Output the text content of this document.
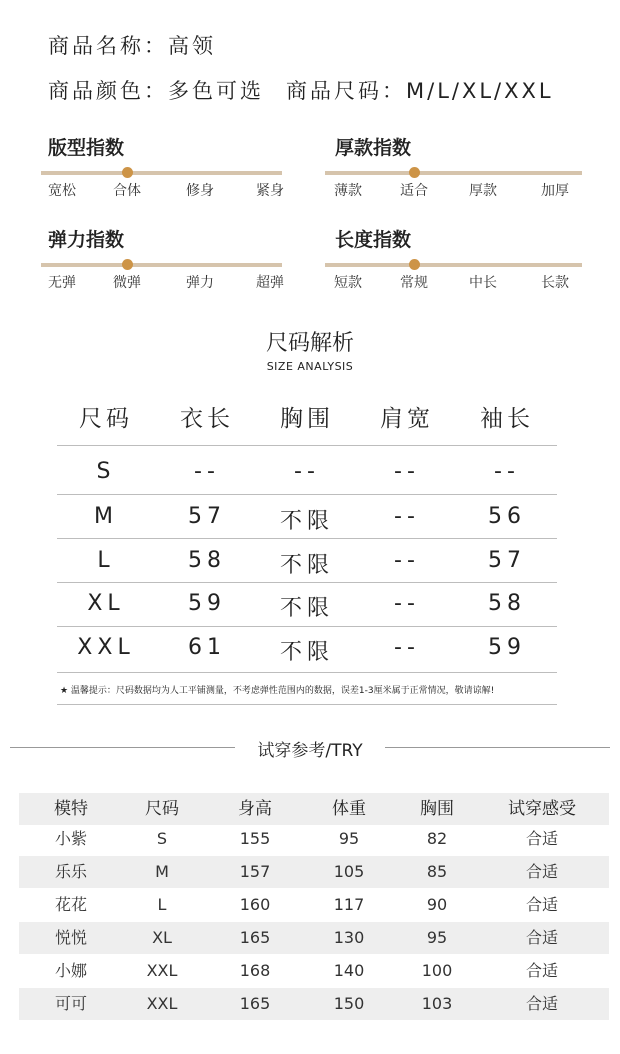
商品名称：高领
商品颜色：多色可选 商品尺码：M/L/XL/XXL
版型指数
宽松	合体	修身	紧身
厚款指数
薄款	适合	厚款	加厚
弹力指数
无弹	微弹	弹力	超弹
长度指数
短款	常规	中长	长款
尺码解析
SIZE ANALYSIS
尺码	衣长	胸围	肩宽	袖长
S	--	--	--	--
M	57	不限	--	56
L	58	不限	--	57
XL	59	不限	--	58
XXL	61	不限	--	59
★ 温馨提示：尺码数据均为人工平铺测量，不考虑弹性范围内的数据，误差1-3厘米属于正常情况，敬请谅解!
试穿参考/TRY
模特	尺码	身高	体重	胸围	试穿感受
小紫	S	155	95	82	合适
乐乐	M	157	105	85	合适
花花	L	160	117	90	合适
悦悦	XL	165	130	95	合适
小娜	XXL	168	140	100	合适
可可	XXL	165	150	103	合适
